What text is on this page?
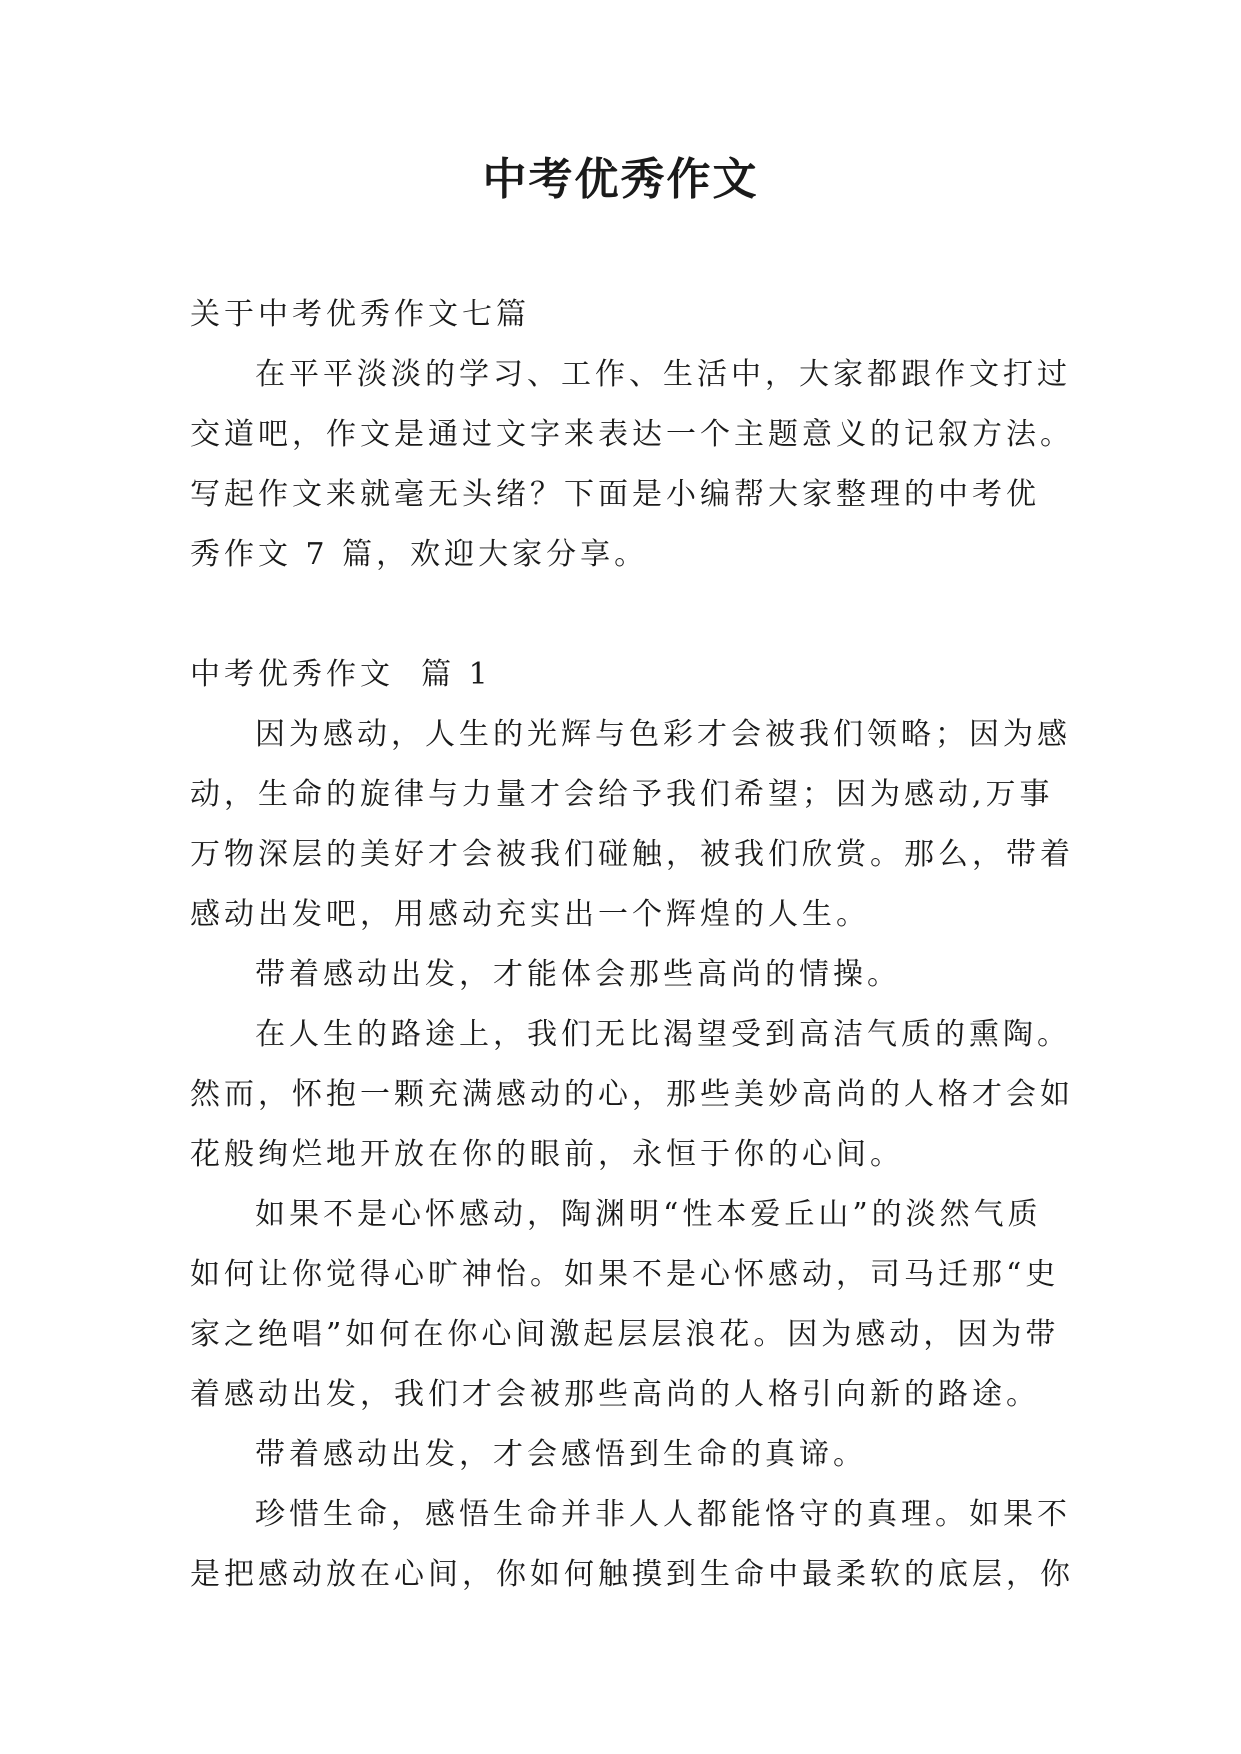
中考优秀作文
关于中考优秀作文七篇
在平平淡淡的学习、工作、生活中，大家都跟作文打过
交道吧，作文是通过文字来表达一个主题意义的记叙方法。
写起作文来就毫无头绪？下面是小编帮大家整理的中考优
秀作文 7 篇，欢迎大家分享。
中考优秀作文  篇 1
因为感动，人生的光辉与色彩才会被我们领略；因为感
动，生命的旋律与力量才会给予我们希望；因为感动,万事
万物深层的美好才会被我们碰触，被我们欣赏。那么，带着
感动出发吧，用感动充实出一个辉煌的人生。
带着感动出发，才能体会那些高尚的情操。
在人生的路途上，我们无比渴望受到高洁气质的熏陶。
然而，怀抱一颗充满感动的心，那些美妙高尚的人格才会如
花般绚烂地开放在你的眼前，永恒于你的心间。
如果不是心怀感动，陶渊明“性本爱丘山”的淡然气质
如何让你觉得心旷神怡。如果不是心怀感动，司马迁那“史
家之绝唱”如何在你心间激起层层浪花。因为感动，因为带
着感动出发，我们才会被那些高尚的人格引向新的路途。
带着感动出发，才会感悟到生命的真谛。
珍惜生命，感悟生命并非人人都能恪守的真理。如果不
是把感动放在心间，你如何触摸到生命中最柔软的底层，你
